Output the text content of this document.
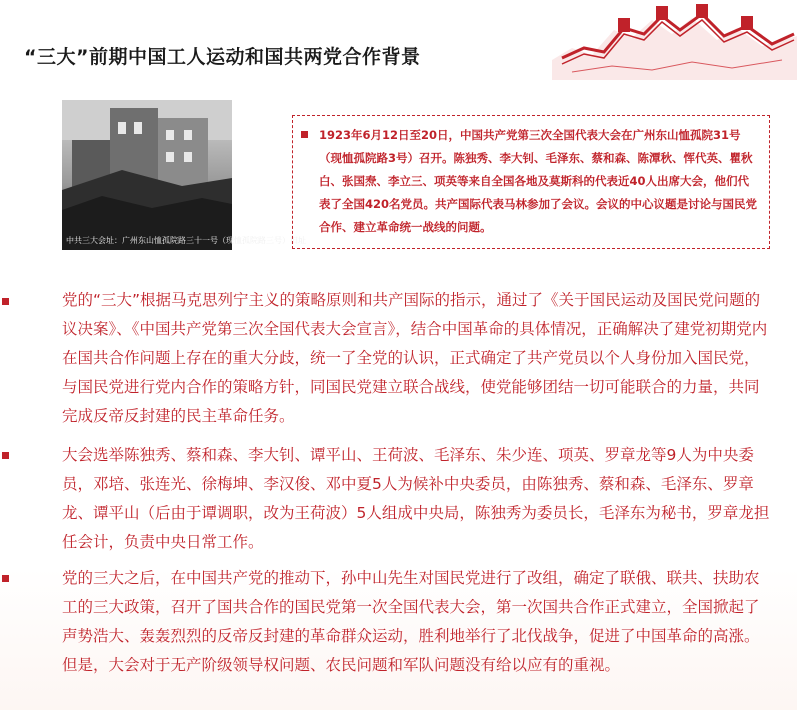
“三大”前期中国工人运动和国共两党合作背景
中共三大会址：广州东山恤孤院路三十一号（现恤孤院路三号）旧址
1923年6月12日至20日，中国共产党第三次全国代表大会在广州东山恤孤院31号（现恤孤院路3号）召开。陈独秀、李大钊、毛泽东、蔡和森、陈潭秋、恽代英、瞿秋白、张国焘、李立三、项英等来自全国各地及莫斯科的代表近40人出席大会，他们代表了全国420名党员。共产国际代表马林参加了会议。会议的中心议题是讨论与国民党合作、建立革命统一战线的问题。
党的“三大”根据马克思列宁主义的策略原则和共产国际的指示，通过了《关于国民运动及国民党问题的议决案》、《中国共产党第三次全国代表大会宣言》，结合中国革命的具体情况，正确解决了建党初期党内在国共合作问题上存在的重大分歧，统一了全党的认识，正式确定了共产党员以个人身份加入国民党，与国民党进行党内合作的策略方针，同国民党建立联合战线，使党能够团结一切可能联合的力量，共同完成反帝反封建的民主革命任务。
大会选举陈独秀、蔡和森、李大钊、谭平山、王荷波、毛泽东、朱少连、项英、罗章龙等9人为中央委员，邓培、张连光、徐梅坤、李汉俊、邓中夏5人为候补中央委员，由陈独秀、蔡和森、毛泽东、罗章龙、谭平山（后由于谭调职，改为王荷波）5人组成中央局，陈独秀为委员长，毛泽东为秘书，罗章龙担任会计，负责中央日常工作。
党的三大之后，在中国共产党的推动下，孙中山先生对国民党进行了改组，确定了联俄、联共、扶助农工的三大政策，召开了国共合作的国民党第一次全国代表大会，第一次国共合作正式建立，全国掀起了声势浩大、轰轰烈烈的反帝反封建的革命群众运动，胜利地举行了北伐战争，促进了中国革命的高涨。但是，大会对于无产阶级领导权问题、农民问题和军队问题没有给以应有的重视。
